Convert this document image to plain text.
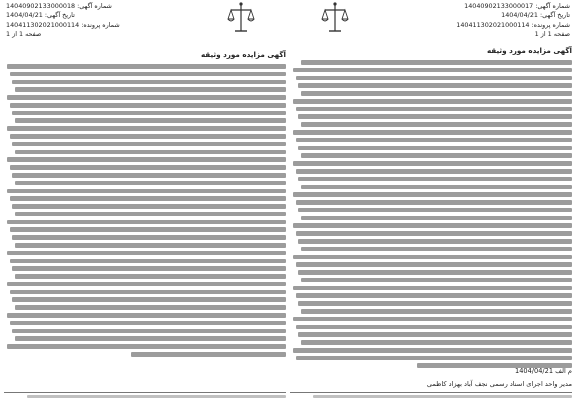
شماره آگهی: 14040902133000017
تاریخ آگهی: 1404/04/21
شماره پرونده: 140411302021000114
صفحه 1 از 1
شماره آگهی: 14040902133000018
تاریخ آگهی: 1404/04/21
شماره پرونده: 140411302021000114
صفحه 1 از 1
آگهی مزایده مورد وثیقه
آگهی مزایده مورد وثیقه
م الف 1404/04/21
مدیر واحد اجرای اسناد رسمی نجف آباد بهزاد کاظمی
